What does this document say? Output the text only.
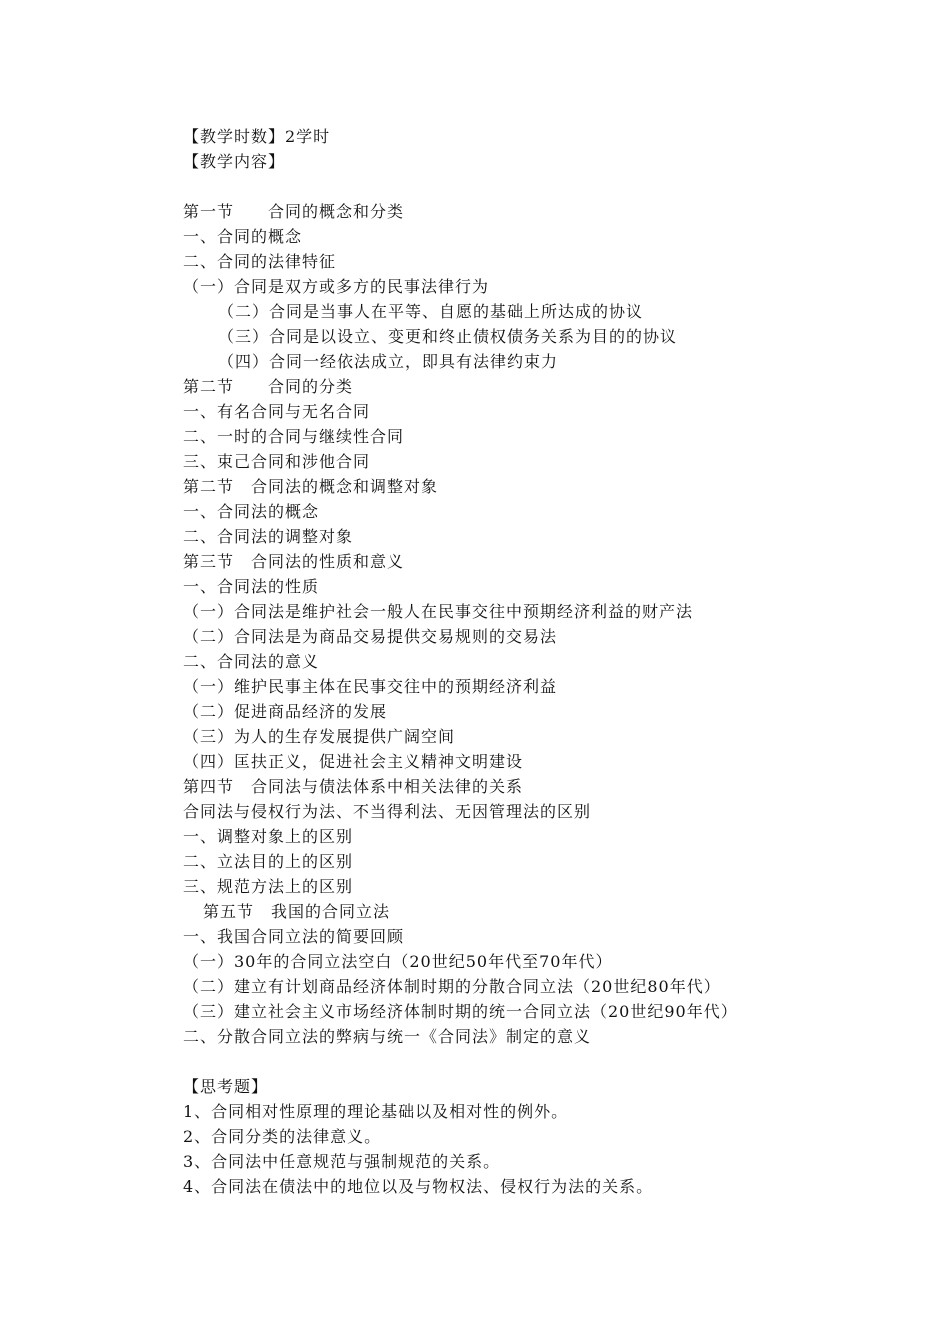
【教学时数】2学时
【教学内容】
第一节　　合同的概念和分类
一、合同的概念
二、合同的法律特征
（一）合同是双方或多方的民事法律行为
（二）合同是当事人在平等、自愿的基础上所达成的协议
（三）合同是以设立、变更和终止债权债务关系为目的的协议
（四）合同一经依法成立，即具有法律约束力
第二节　　合同的分类
一、有名合同与无名合同
二、一时的合同与继续性合同
三、束己合同和涉他合同
第二节　合同法的概念和调整对象
一、合同法的概念
二、合同法的调整对象
第三节　合同法的性质和意义
一、合同法的性质
（一）合同法是维护社会一般人在民事交往中预期经济利益的财产法
（二）合同法是为商品交易提供交易规则的交易法
二、合同法的意义
（一）维护民事主体在民事交往中的预期经济利益
（二）促进商品经济的发展
（三）为人的生存发展提供广阔空间
（四）匡扶正义，促进社会主义精神文明建设
第四节　合同法与债法体系中相关法律的关系
合同法与侵权行为法、不当得利法、无因管理法的区别
一、调整对象上的区别
二、立法目的上的区别
三、规范方法上的区别
第五节　我国的合同立法
一、我国合同立法的简要回顾
（一）30年的合同立法空白（20世纪50年代至70年代）
（二）建立有计划商品经济体制时期的分散合同立法（20世纪80年代）
（三）建立社会主义市场经济体制时期的统一合同立法（20世纪90年代）
二、分散合同立法的弊病与统一《合同法》制定的意义
【思考题】
1、合同相对性原理的理论基础以及相对性的例外。
2、合同分类的法律意义。
3、合同法中任意规范与强制规范的关系。
4、合同法在债法中的地位以及与物权法、侵权行为法的关系。
